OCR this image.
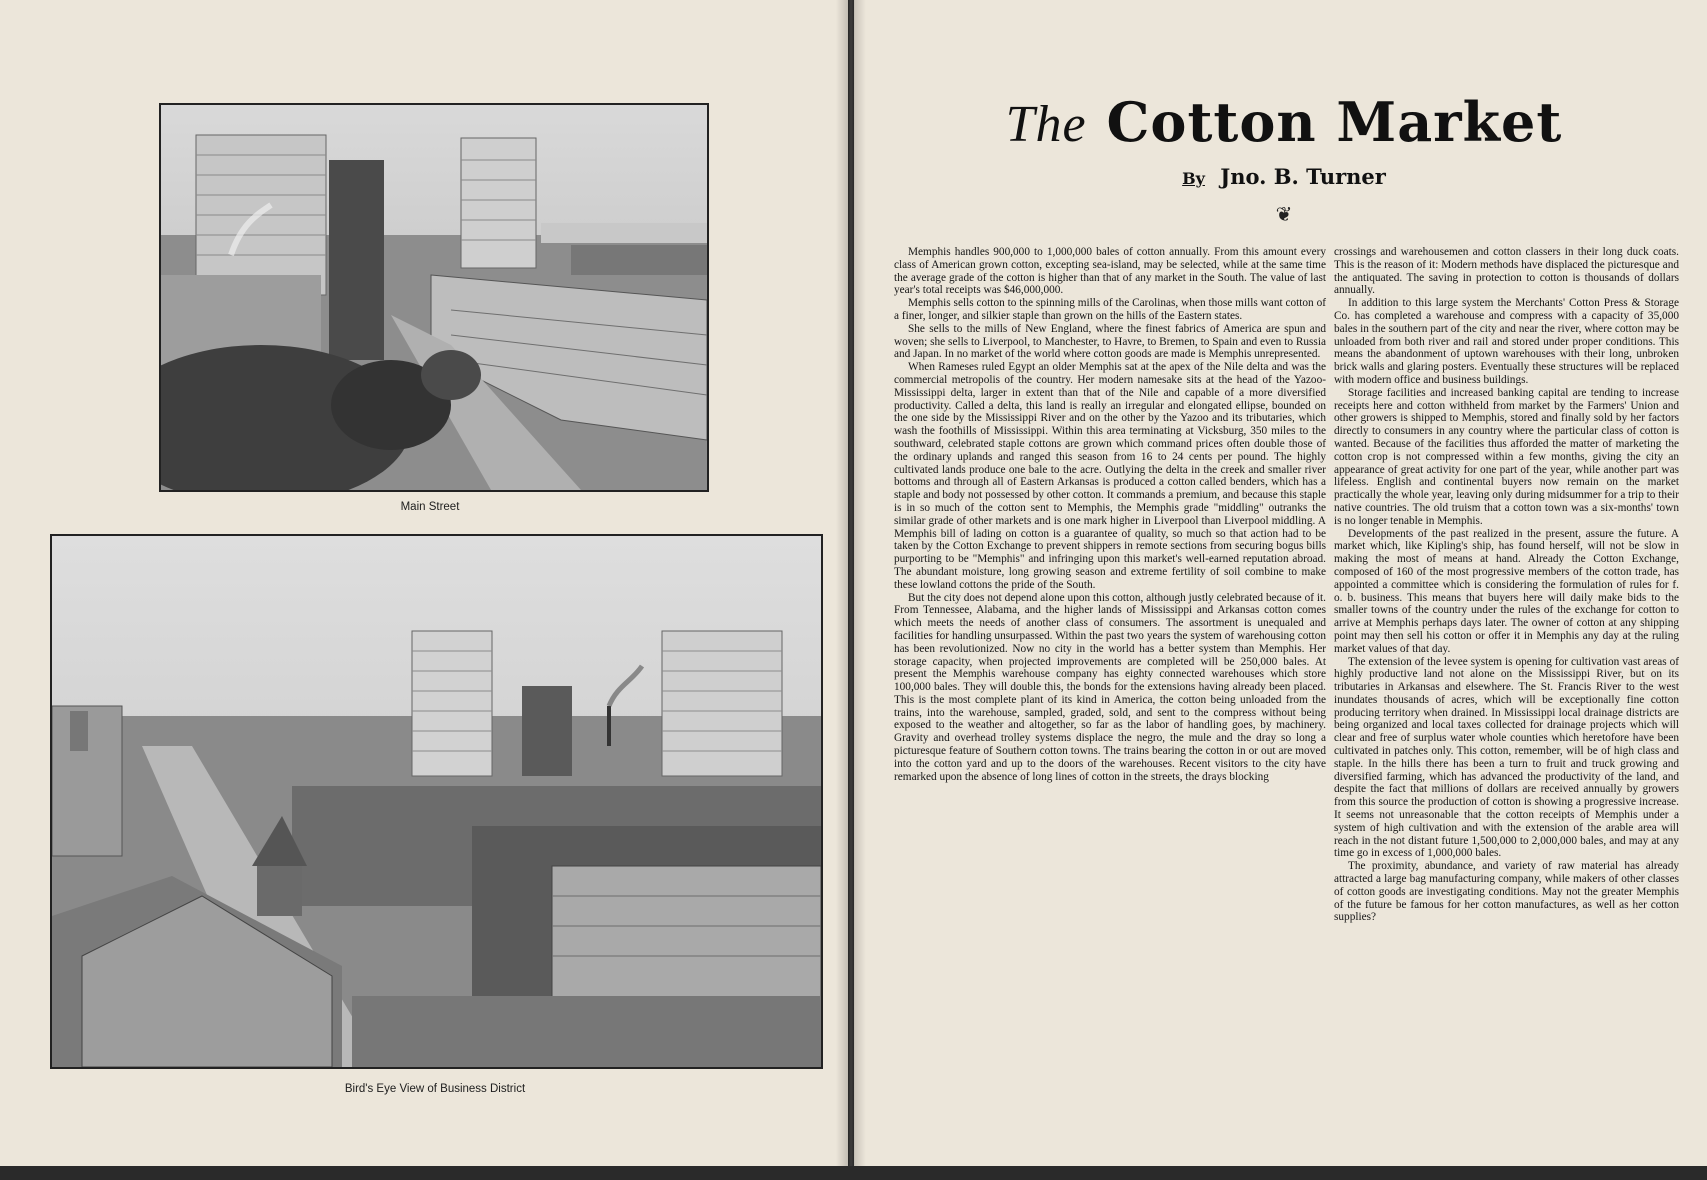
Main Street
Bird's Eye View of Business District
The Cotton Market
By Jno. B. Turner
❦

Memphis handles 900,000 to 1,000,000 bales of cotton annually. From this amount every class of American grown cotton, excepting sea-island, may be selected, while at the same time the average grade of the cotton is higher than that of any market in the South. The value of last year's total receipts was $46,000,000.

Memphis sells cotton to the spinning mills of the Carolinas, when those mills want cotton of a finer, longer, and silkier staple than grown on the hills of the Eastern states.

She sells to the mills of New England, where the finest fabrics of America are spun and woven; she sells to Liverpool, to Manchester, to Havre, to Bremen, to Spain and even to Russia and Japan. In no market of the world where cotton goods are made is Memphis unrepresented.

When Rameses ruled Egypt an older Memphis sat at the apex of the Nile delta and was the commercial metropolis of the country. Her modern namesake sits at the head of the Yazoo-Mississippi delta, larger in extent than that of the Nile and capable of a more diversified productivity. Called a delta, this land is really an irregular and elongated ellipse, bounded on the one side by the Mississippi River and on the other by the Yazoo and its tributaries, which wash the foothills of Mississippi. Within this area terminating at Vicksburg, 350 miles to the southward, celebrated staple cottons are grown which command prices often double those of the ordinary uplands and ranged this season from 16 to 24 cents per pound. The highly cultivated lands produce one bale to the acre. Outlying the delta in the creek and smaller river bottoms and through all of Eastern Arkansas is produced a cotton called benders, which has a staple and body not possessed by other cotton. It commands a premium, and because this staple is in so much of the cotton sent to Memphis, the Memphis grade "middling" outranks the similar grade of other markets and is one mark higher in Liverpool than Liverpool middling. A Memphis bill of lading on cotton is a guarantee of quality, so much so that action had to be taken by the Cotton Exchange to prevent shippers in remote sections from securing bogus bills purporting to be "Memphis" and infringing upon this market's well-earned reputation abroad. The abundant moisture, long growing season and extreme fertility of soil combine to make these lowland cottons the pride of the South.

But the city does not depend alone upon this cotton, although justly celebrated because of it. From Tennessee, Alabama, and the higher lands of Mississippi and Arkansas cotton comes which meets the needs of another class of consumers. The assortment is unequaled and facilities for handling unsurpassed. Within the past two years the system of warehousing cotton has been revolutionized. Now no city in the world has a better system than Memphis. Her storage capacity, when projected improvements are completed will be 250,000 bales. At present the Memphis warehouse company has eighty connected warehouses which store 100,000 bales. They will double this, the bonds for the extensions having already been placed. This is the most complete plant of its kind in America, the cotton being unloaded from the trains, into the warehouse, sampled, graded, sold, and sent to the compress without being exposed to the weather and altogether, so far as the labor of handling goes, by machinery. Gravity and overhead trolley systems displace the negro, the mule and the dray so long a picturesque feature of Southern cotton towns. The trains bearing the cotton in or out are moved into the cotton yard and up to the doors of the warehouses. Recent visitors to the city have remarked upon the absence of long lines of cotton in the streets, the drays blocking

crossings and warehousemen and cotton classers in their long duck coats. This is the reason of it: Modern methods have displaced the picturesque and the antiquated. The saving in protection to cotton is thousands of dollars annually.

In addition to this large system the Merchants' Cotton Press & Storage Co. has completed a warehouse and compress with a capacity of 35,000 bales in the southern part of the city and near the river, where cotton may be unloaded from both river and rail and stored under proper conditions. This means the abandonment of uptown warehouses with their long, unbroken brick walls and glaring posters. Eventually these structures will be replaced with modern office and business buildings.

Storage facilities and increased banking capital are tending to increase receipts here and cotton withheld from market by the Farmers' Union and other growers is shipped to Memphis, stored and finally sold by her factors directly to consumers in any country where the particular class of cotton is wanted. Because of the facilities thus afforded the matter of marketing the cotton crop is not compressed within a few months, giving the city an appearance of great activity for one part of the year, while another part was lifeless. English and continental buyers now remain on the market practically the whole year, leaving only during midsummer for a trip to their native countries. The old truism that a cotton town was a six-months' town is no longer tenable in Memphis.

Developments of the past realized in the present, assure the future. A market which, like Kipling's ship, has found herself, will not be slow in making the most of means at hand. Already the Cotton Exchange, composed of 160 of the most progressive members of the cotton trade, has appointed a committee which is considering the formulation of rules for f. o. b. business. This means that buyers here will daily make bids to the smaller towns of the country under the rules of the exchange for cotton to arrive at Memphis perhaps days later. The owner of cotton at any shipping point may then sell his cotton or offer it in Memphis any day at the ruling market values of that day.

The extension of the levee system is opening for cultivation vast areas of highly productive land not alone on the Mississippi River, but on its tributaries in Arkansas and elsewhere. The St. Francis River to the west inundates thousands of acres, which will be exceptionally fine cotton producing territory when drained. In Mississippi local drainage districts are being organized and local taxes collected for drainage projects which will clear and free of surplus water whole counties which heretofore have been cultivated in patches only. This cotton, remember, will be of high class and staple. In the hills there has been a turn to fruit and truck growing and diversified farming, which has advanced the productivity of the land, and despite the fact that millions of dollars are received annually by growers from this source the production of cotton is showing a progressive increase. It seems not unreasonable that the cotton receipts of Memphis under a system of high cultivation and with the extension of the arable area will reach in the not distant future 1,500,000 to 2,000,000 bales, and may at any time go in excess of 1,000,000 bales.

The proximity, abundance, and variety of raw material has already attracted a large bag manufacturing company, while makers of other classes of cotton goods are investigating conditions. May not the greater Memphis of the future be famous for her cotton manufactures, as well as her cotton supplies?
